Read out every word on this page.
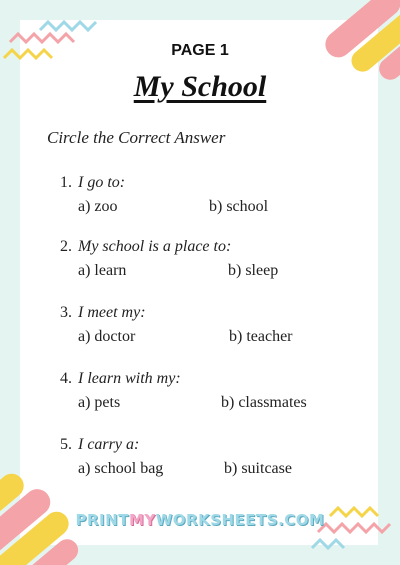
PAGE 1
My School
Circle the Correct Answer
1. I go to:
a) zoo	b) school
2. My school is a place to:
a) learn	b) sleep
3. I meet my:
a) doctor	b) teacher
4. I learn with my:
a) pets	b) classmates
5. I carry a:
a) school bag	b) suitcase
PRINTMYWORKSHEETS.COM
